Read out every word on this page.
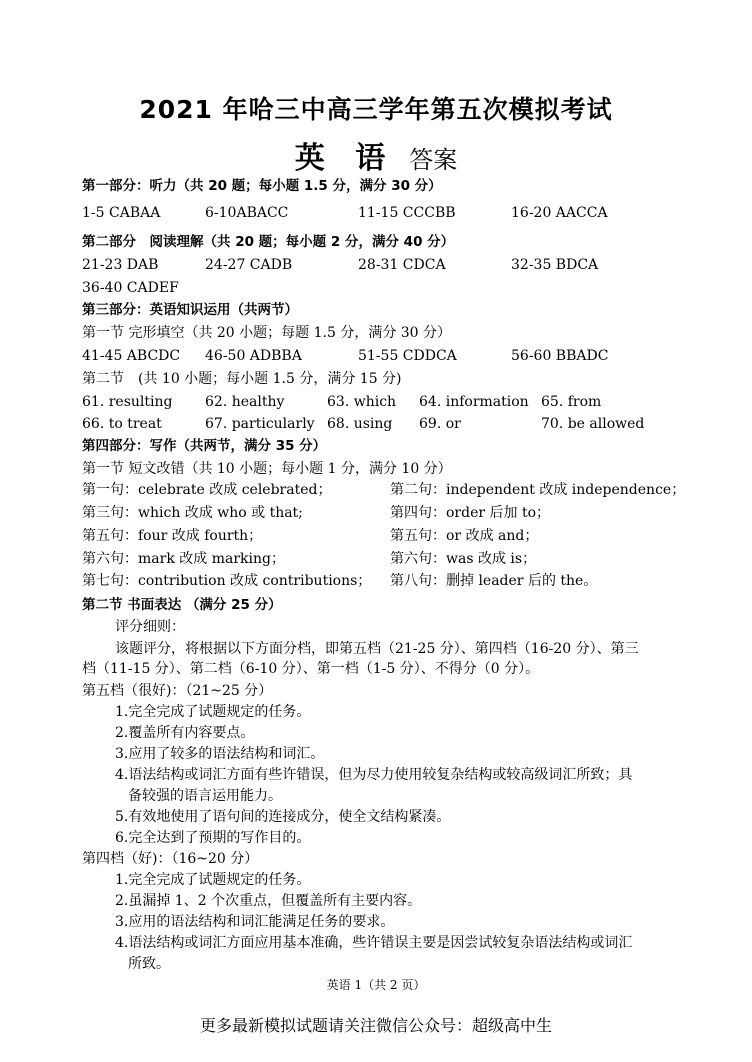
2021 年哈三中高三学年第五次模拟考试
英 语 答案
第一部分：听力（共 20 题；每小题 1.5 分，满分 30 分）
1-5 CABAA	6-10ABACC	11-15 CCCBB	16-20 AACCA
第二部分　阅读理解（共 20 题；每小题 2 分，满分 40 分）
21-23 DAB	24-27 CADB	28-31 CDCA	32-35 BDCA
36-40 CADEF
第三部分：英语知识运用（共两节）
第一节 完形填空（共 20 小题；每题 1.5 分，满分 30 分）
41-45 ABCDC 46-50 ADBBA	51-55 CDDCA	56-60 BBADC
第二节　(共 10 小题；每小题 1.5 分，满分 15 分)
61. resulting 62. healthy	63. which 64. information 65. from
66. to treat	67. particularly 68. using 69. or	70. be allowed
第四部分：写作（共两节，满分 35 分）
第一节 短文改错（共 10 小题；每小题 1 分，满分 10 分）
第一句：celebrate 改成 celebrated；	第二句：independent 改成 independence；
第三句：which 改成 who 或 that;	第四句：order 后加 to；
第五句：four 改成 fourth；	第五句：or 改成 and；
第六句：mark 改成 marking；	第六句：was 改成 is；
第七句：contribution 改成 contributions； 第八句：删掉 leader 后的 the。
第二节 书面表达 （满分 25 分）
评分细则：
该题评分，将根据以下方面分档，即第五档（21-25 分）、第四档（16-20 分）、第三
档（11-15 分）、第二档（6-10 分）、第一档（1-5 分）、不得分（0 分）。
第五档（很好)：（21~25 分）
1.完全完成了试题规定的任务。
2.覆盖所有内容要点。
3.应用了较多的语法结构和词汇。
4.语法结构或词汇方面有些许错误，但为尽力使用较复杂结构或较高级词汇所致；具
备较强的语言运用能力。
5.有效地使用了语句间的连接成分，使全文结构紧凑。
6.完全达到了预期的写作目的。
第四档（好)：（16~20 分）
1.完全完成了试题规定的任务。
2.虽漏掉 1、2 个次重点，但覆盖所有主要内容。
3.应用的语法结构和词汇能满足任务的要求。
4.语法结构或词汇方面应用基本准确，些许错误主要是因尝试较复杂语法结构或词汇
所致。
英语 1（共 2 页）
更多最新模拟试题请关注微信公众号：超级高中生
